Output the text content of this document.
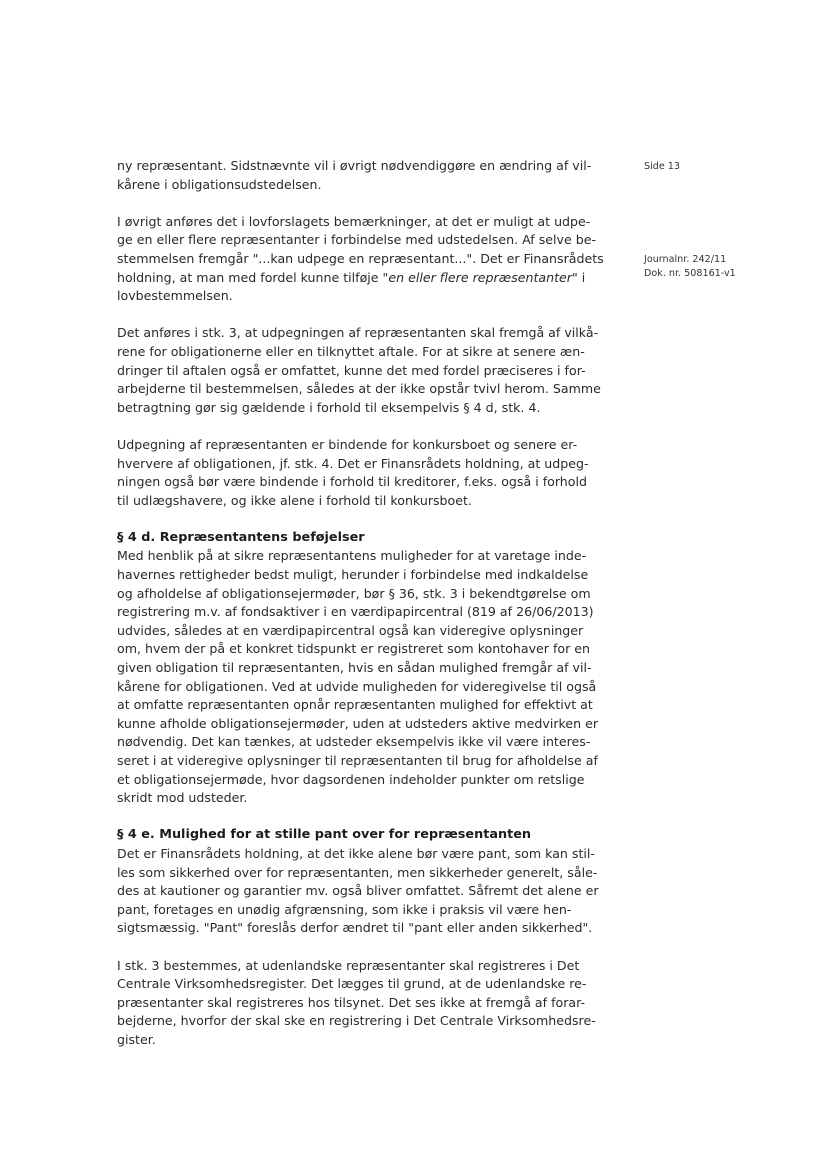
Side 13
Journalnr. 242/11
Dok. nr. 508161-v1

ny repræsentant. Sidstnævnte vil i øvrigt nødvendiggøre en ændring af vil-
kårene i obligationsudstedelsen.

I øvrigt anføres det i lovforslagets bemærkninger, at det er muligt at udpe-
ge en eller flere repræsentanter i forbindelse med udstedelsen. Af selve be-
stemmelsen fremgår "...kan udpege en repræsentant...". Det er Finansrådets
holdning, at man med fordel kunne tilføje "en eller flere repræsentanter" i
lovbestemmelsen.

Det anføres i stk. 3, at udpegningen af repræsentanten skal fremgå af vilkå-
rene for obligationerne eller en tilknyttet aftale. For at sikre at senere æn-
dringer til aftalen også er omfattet, kunne det med fordel præciseres i for-
arbejderne til bestemmelsen, således at der ikke opstår tvivl herom. Samme
betragtning gør sig gældende i forhold til eksempelvis § 4 d, stk. 4.

Udpegning af repræsentanten er bindende for konkursboet og senere er-
hververe af obligationen, jf. stk. 4. Det er Finansrådets holdning, at udpeg-
ningen også bør være bindende i forhold til kreditorer, f.eks. også i forhold
til udlægshavere, og ikke alene i forhold til konkursboet.

§ 4 d. Repræsentantens beføjelser

Med henblik på at sikre repræsentantens muligheder for at varetage inde-
havernes rettigheder bedst muligt, herunder i forbindelse med indkaldelse
og afholdelse af obligationsejermøder, bør § 36, stk. 3 i bekendtgørelse om
registrering m.v. af fondsaktiver i en værdipapircentral (819 af 26/06/2013)
udvides, således at en værdipapircentral også kan videregive oplysninger
om, hvem der på et konkret tidspunkt er registreret som kontohaver for en
given obligation til repræsentanten, hvis en sådan mulighed fremgår af vil-
kårene for obligationen. Ved at udvide muligheden for videregivelse til også
at omfatte repræsentanten opnår repræsentanten mulighed for effektivt at
kunne afholde obligationsejermøder, uden at udsteders aktive medvirken er
nødvendig. Det kan tænkes, at udsteder eksempelvis ikke vil være interes-
seret i at videregive oplysninger til repræsentanten til brug for afholdelse af
et obligationsejermøde, hvor dagsordenen indeholder punkter om retslige
skridt mod udsteder.

§ 4 e. Mulighed for at stille pant over for repræsentanten

Det er Finansrådets holdning, at det ikke alene bør være pant, som kan stil-
les som sikkerhed over for repræsentanten, men sikkerheder generelt, såle-
des at kautioner og garantier mv. også bliver omfattet. Såfremt det alene er
pant, foretages en unødig afgrænsning, som ikke i praksis vil være hen-
sigtsmæssig. "Pant" foreslås derfor ændret til "pant eller anden sikkerhed".

I stk. 3 bestemmes, at udenlandske repræsentanter skal registreres i Det
Centrale Virksomhedsregister. Det lægges til grund, at de udenlandske re-
præsentanter skal registreres hos tilsynet. Det ses ikke at fremgå af forar-
bejderne, hvorfor der skal ske en registrering i Det Centrale Virksomhedsre-
gister.
